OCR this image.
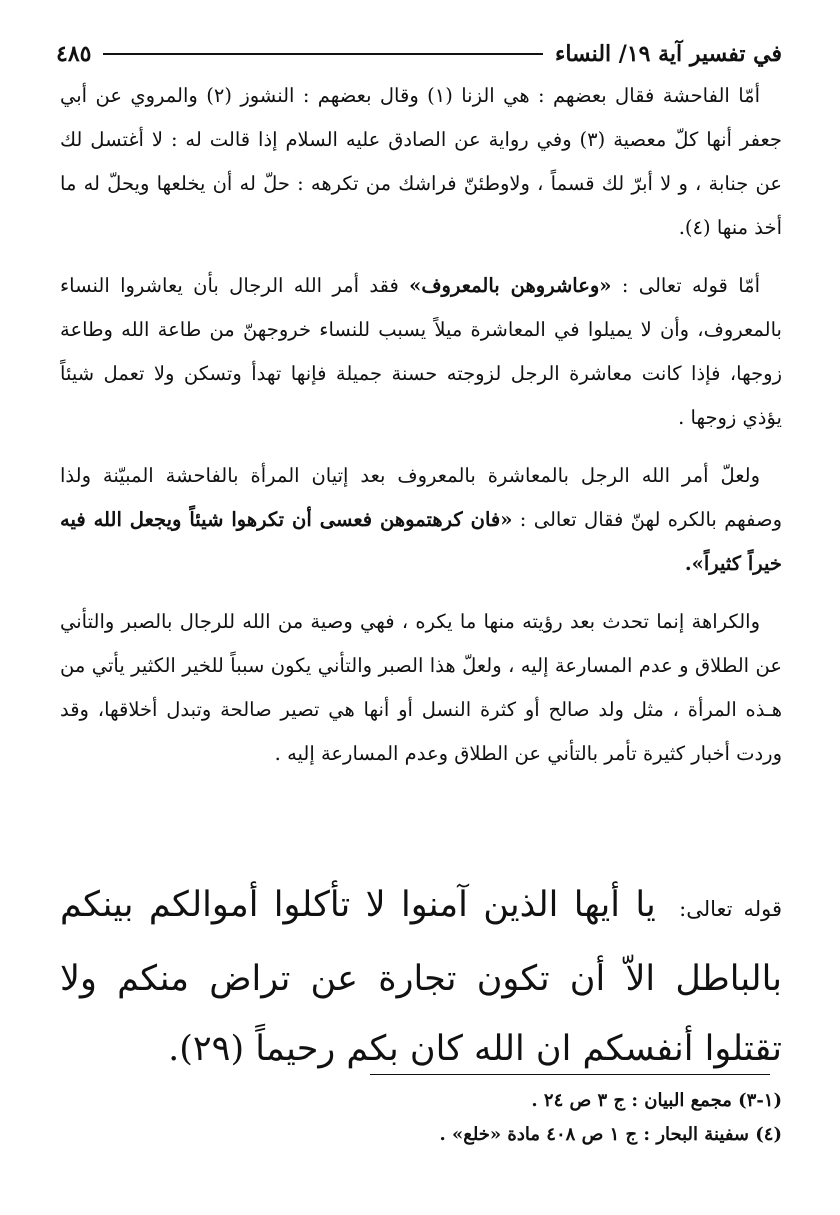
في تفسير آية ١٩/ النساء
٤٨٥

أمّا الفاحشة فقال بعضهم : هي الزنا (١) وقال بعضهم : النشوز (٢) والمروي عن أبي جعفر أنها كلّ معصية (٣) وفي رواية عن الصادق عليه السلام إذا قالت له : لا أغتسل لك عن جنابة ، و لا أبرّ لك قسماً ، ولاوطئنّ فراشك من تكرهه : حلّ له أن يخلعها ويحلّ له ما أخذ منها (٤).

أمّا قوله تعالى : «وعاشروهن بالمعروف» فقد أمر الله الرجال بأن يعاشروا النساء بالمعروف، وأن لا يميلوا في المعاشرة ميلاً يسبب للنساء خروجهنّ من طاعة الله وطاعة زوجها، فإذا كانت معاشرة الرجل لزوجته حسنة جميلة فإنها تهدأ وتسكن ولا تعمل شيئاً يؤذي زوجها .

ولعلّ أمر الله الرجل بالمعاشرة بالمعروف بعد إتيان المرأة بالفاحشة المبيّنة ولذا وصفهم بالكره لهنّ فقال تعالى : «فان كرهتموهن فعسى أن تكرهوا شيئاً ويجعل الله فيه خيراً كثيراً».

والكراهة إنما تحدث بعد رؤيته منها ما يكره ، فهي وصية من الله للرجال بالصبر والتأني عن الطلاق و عدم المسارعة إليه ، ولعلّ هذا الصبر والتأني يكون سبباً للخير الكثير يأتي من هـذه المرأة ، مثل ولد صالح أو كثرة النسل أو أنها هي تصير صالحة وتبدل أخلاقها، وقد وردت أخبار كثيرة تأمر بالتأني عن الطلاق وعدم المسارعة إليه .

قوله تعالى: يا أيها الذين آمنوا لا تأكلوا أموالكم بينكم بالباطل الاّ أن تكون تجارة عن تراض منكم ولا تقتلوا أنفسكم ان الله كان بكم رحيماً (٢٩).
(١-٣) مجمع البيان : ج ٣ ص ٢٤ .
(٤) سفينة البحار : ج ١ ص ٤٠٨ مادة «خلع» .
